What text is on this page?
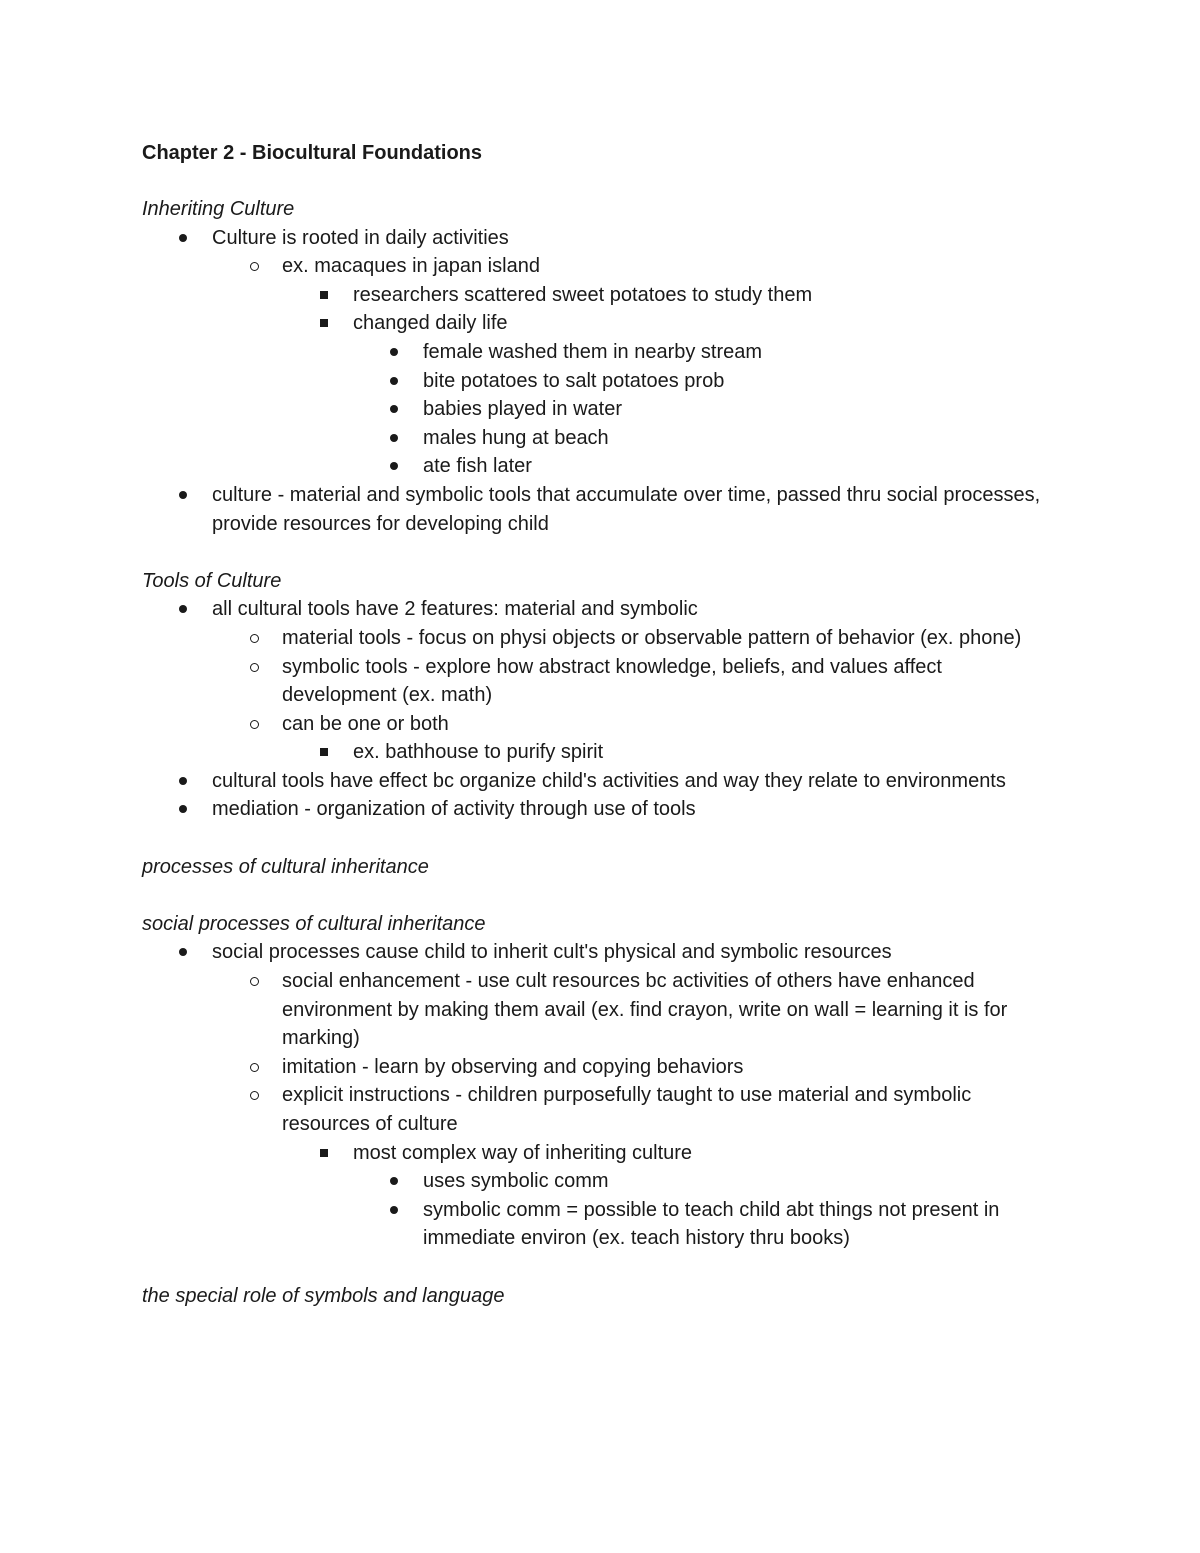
Chapter 2 - Biocultural Foundations
Inheriting Culture
Culture is rooted in daily activities
ex. macaques in japan island
researchers scattered sweet potatoes to study them
changed daily life
female washed them in nearby stream
bite potatoes to salt potatoes prob
babies played in water
males hung at beach
ate fish later
culture - material and symbolic tools that accumulate over time, passed thru social processes, provide resources for developing child
Tools of Culture
all cultural tools have 2 features: material and symbolic
material tools - focus on physi objects or observable pattern of behavior (ex. phone)
symbolic tools - explore how abstract knowledge, beliefs, and values affect development (ex. math)
can be one or both
ex. bathhouse to purify spirit
cultural tools have effect bc organize child's activities and way they relate to environments
mediation - organization of activity through use of tools
processes of cultural inheritance
social processes of cultural inheritance
social processes cause child to inherit cult's physical and symbolic resources
social enhancement - use cult resources bc activities of others have enhanced environment by making them avail (ex. find crayon, write on wall = learning it is for marking)
imitation - learn by observing and copying behaviors
explicit instructions - children purposefully taught to use material and symbolic resources of culture
most complex way of inheriting culture
uses symbolic comm
symbolic comm = possible to teach child abt things not present in immediate environ (ex. teach history thru books)
the special role of symbols and language
